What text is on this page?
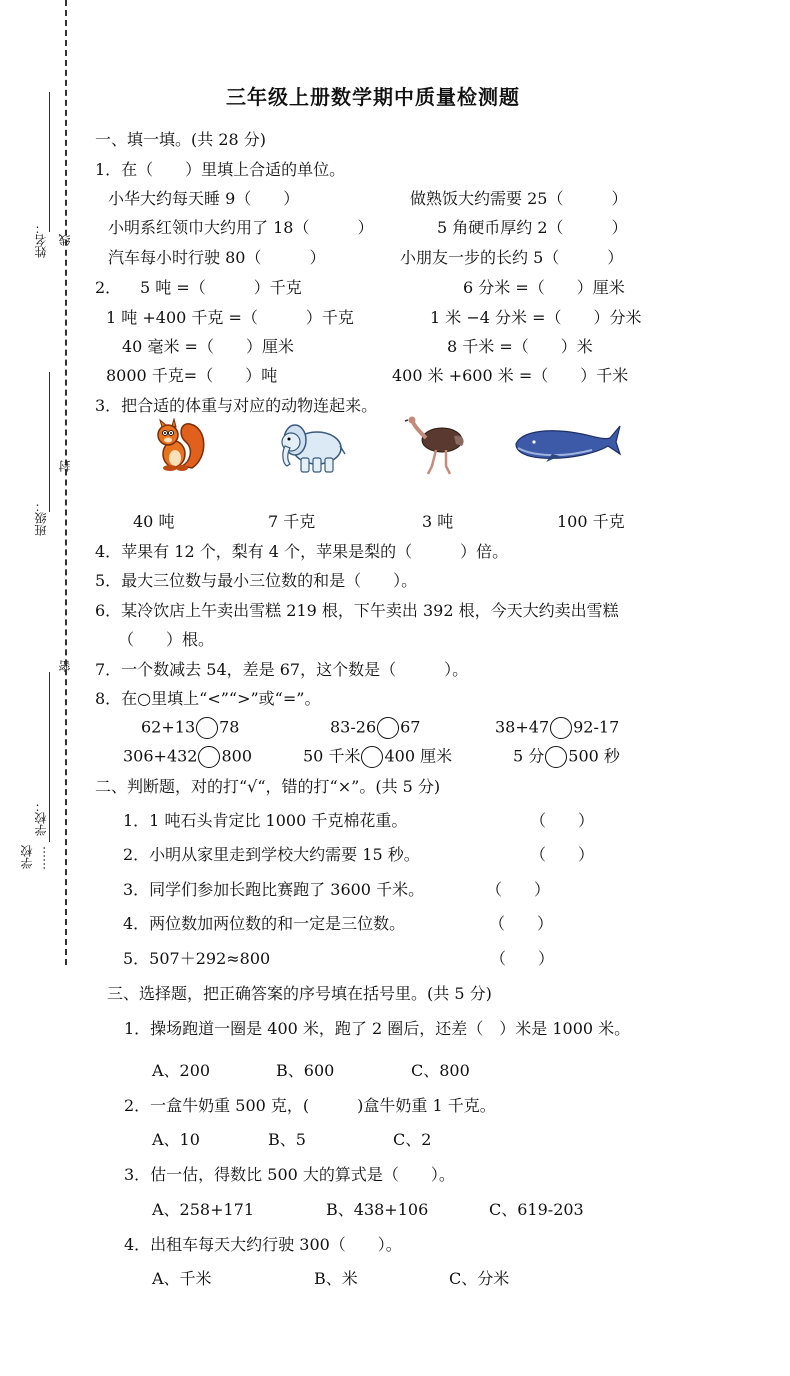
姓名： 线
班级：
封
密
学校：
学校 ……
三年级上册数学期中质量检测题
一、填一填。(共 28 分)
1．在（　　）里填上合适的单位。
小华大约每天睡 9（　　）	做熟饭大约需要 25（　　　）
小明系红领巾大约用了 18（　　　）	5 角硬币厚约 2（　　　）
汽车每小时行驶 80（　　　）	小朋友一步的长约 5（　　　）
2． 5 吨 =（　　　）千克	6 分米 =（　　）厘米
1 吨 +400 千克 =（　　　）千克	1 米 −4 分米 =（　　）分米
40 毫米 =（　　）厘米	8 千米 =（　　）米
8000 千克=（　　）吨	400 米 +600 米 =（　　）千米
3．把合适的体重与对应的动物连起来。
40 吨	7 千克	3 吨	100 千克
4．苹果有 12 个，梨有 4 个，苹果是梨的（　　　）倍。
5．最大三位数与最小三位数的和是（　　）。
6．某冷饮店上午卖出雪糕 219 根，下午卖出 392 根，今天大约卖出雪糕
（　　）根。
7．一个数减去 54，差是 67，这个数是（　　　）。
8．在○里填上“<”“>”或“=”。
62+13 78	83-26 67	38+47 92-17
306+432 800	50 千米 400 厘米	5 分 500 秒
二、判断题，对的打“√“，错的打“×”。(共 5 分)
1．1 吨石头肯定比 1000 千克棉花重。	（　　）
2．小明从家里走到学校大约需要 15 秒。	（　　）
3．同学们参加长跑比赛跑了 3600 千米。	（　　）
4．两位数加两位数的和一定是三位数。	（　　）
5．507＋292≈800	（　　）
三、选择题，把正确答案的序号填在括号里。(共 5 分)
1．操场跑道一圈是 400 米，跑了 2 圈后，还差（　）米是 1000 米。
A、200	B、600	C、800
2．一盒牛奶重 500 克，(　　　)盒牛奶重 1 千克。
A、10	B、5	C、2
3．估一估，得数比 500 大的算式是（　　）。
A、258+171	B、438+106	C、619-203
4．出租车每天大约行驶 300（　　）。
A、千米	B、米	C、分米
